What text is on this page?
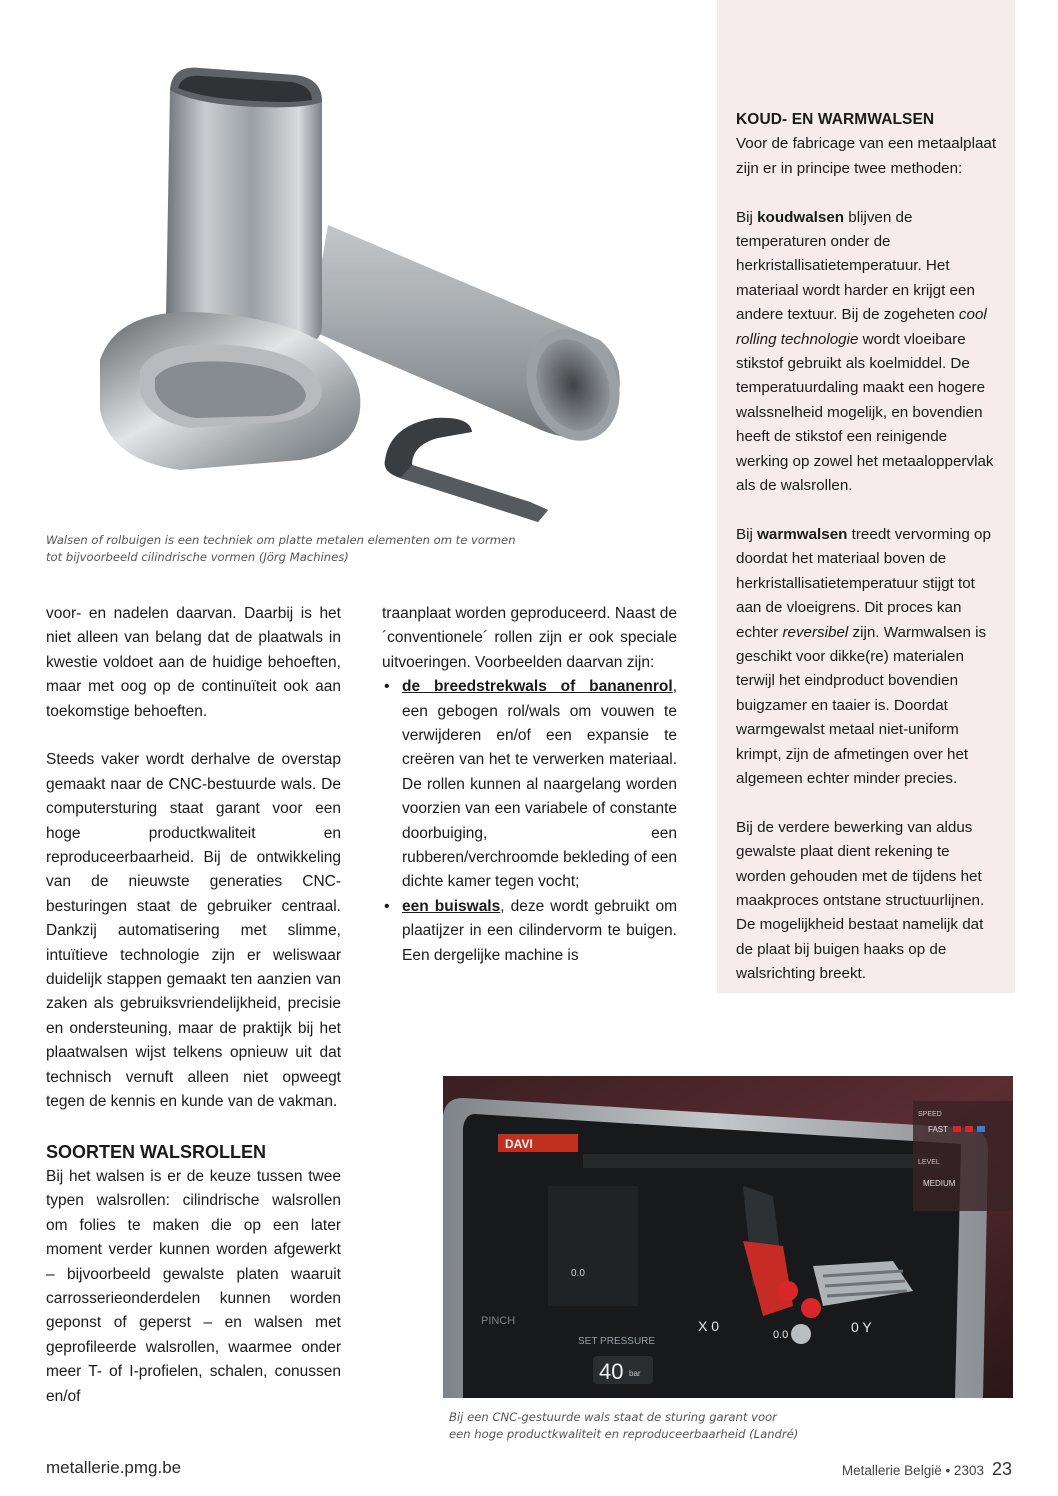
KOUD- EN WARMWALSEN

Voor de fabricage van een metaalplaat zijn er in principe twee methoden:

Bij koudwalsen blijven de temperaturen onder de herkristallisatietemperatuur. Het materiaal wordt harder en krijgt een andere textuur. Bij de zogeheten cool rolling technologie wordt vloeibare stikstof gebruikt als koelmiddel. De temperatuurdaling maakt een hogere walssnelheid mogelijk, en bovendien heeft de stikstof een reinigende werking op zowel het metaaloppervlak als de walsrollen.

Bij warmwalsen treedt vervorming op doordat het materiaal boven de herkristallisatietemperatuur stijgt tot aan de vloeigrens. Dit proces kan echter reversibel zijn. Warmwalsen is geschikt voor dikke(re) materialen terwijl het eindproduct bovendien buigzamer en taaier is. Doordat warmgewalst metaal niet-uniform krimpt, zijn de afmetingen over het algemeen echter minder precies.

Bij de verdere bewerking van aldus gewalste plaat dient rekening te worden gehouden met de tijdens het maakproces ontstane structuurlijnen. De mogelijkheid bestaat namelijk dat de plaat bij buigen haaks op de walsrichting breekt.

Walsen of rolbuigen is een techniek om platte metalen elementen om te vormen
tot bijvoorbeeld cilindrische vormen (Jörg Machines)

voor- en nadelen daarvan. Daarbij is het niet alleen van belang dat de plaatwals in kwestie voldoet aan de huidige behoeften, maar met oog op de continuïteit ook aan toekomstige behoeften.

Steeds vaker wordt derhalve de overstap gemaakt naar de CNC-bestuurde wals. De computersturing staat garant voor een hoge productkwaliteit en reproduceerbaarheid. Bij de ontwikkeling van de nieuwste generaties CNC-besturingen staat de gebruiker centraal. Dankzij automatisering met slimme, intuïtieve technologie zijn er weliswaar duidelijk stappen gemaakt ten aanzien van zaken als gebruiksvriendelijkheid, precisie en ondersteuning, maar de praktijk bij het plaatwalsen wijst telkens opnieuw uit dat technisch vernuft alleen niet opweegt tegen de kennis en kunde van de vakman.

SOORTEN WALSROLLEN

Bij het walsen is er de keuze tussen twee typen walsrollen: cilindrische walsrollen om folies te maken die op een later moment verder kunnen worden afgewerkt – bijvoorbeeld gewalste platen waaruit carrosserieonderdelen kunnen worden geponst of geperst – en walsen met geprofileerde walsrollen, waarmee onder meer T- of I-profielen, schalen, conussen en/of

traanplaat worden geproduceerd. Naast de ´conventionele´ rollen zijn er ook speciale uitvoeringen. Voorbeelden daarvan zijn:
• de breedstrekwals of bananenrol, een gebogen rol/wals om vouwen te verwijderen en/of een expansie te creëren van het te verwerken materiaal. De rollen kunnen al naargelang worden voorzien van een variabele of constante doorbuiging, een rubberen/verchroomde bekleding of een dichte kamer tegen vocht;
• een buiswals, deze wordt gebruikt om plaatijzer in een cilindervorm te buigen. Een dergelijke machine is
DAVI
0.0
X 0
0.0	0 Y
PINCH
SET PRESSURE
40 bar
SPEED
FAST
LEVEL
MEDIUM
Bij een CNC-gestuurde wals staat de sturing garant voor
een hoge productkwaliteit en reproduceerbaarheid (Landré)
metallerie.pmg.be	Metallerie België • 2303 23
